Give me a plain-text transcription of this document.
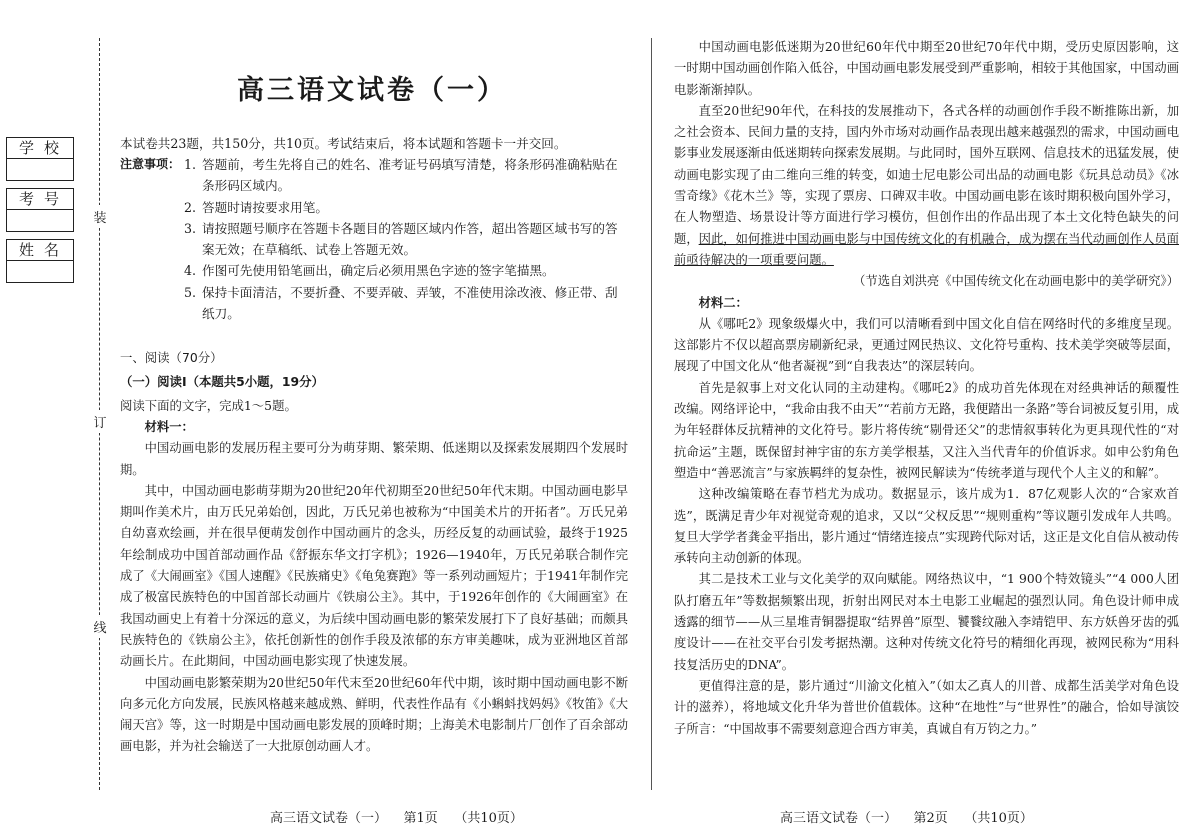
学校
考号
姓名
装
订
线
高三语文试卷（一）
本试卷共23题，共150分，共10页。考试结束后，将本试题和答题卡一并交回。
注意事项： 1. 答题前，考生先将自己的姓名、准考证号码填写清楚，将条形码准确粘贴在条形码区域内。
2. 答题时请按要求用笔。
3. 请按照题号顺序在答题卡各题目的答题区域内作答，超出答题区域书写的答案无效；在草稿纸、试卷上答题无效。
4. 作图可先使用铅笔画出，确定后必须用黑色字迹的签字笔描黑。
5. 保持卡面清洁，不要折叠、不要弄破、弄皱，不准使用涂改液、修正带、刮纸刀。
一、阅读（70分）
（一）阅读Ⅰ（本题共5小题，19分）
阅读下面的文字，完成1～5题。
材料一：

中国动画电影的发展历程主要可分为萌芽期、繁荣期、低迷期以及探索发展期四个发展时期。

其中，中国动画电影萌芽期为20世纪20年代初期至20世纪50年代末期。中国动画电影早期叫作美术片，由万氏兄弟始创，因此，万氏兄弟也被称为“中国美术片的开拓者”。万氏兄弟自幼喜欢绘画，并在很早便萌发创作中国动画片的念头，历经反复的动画试验，最终于1925年绘制成功中国首部动画作品《舒振东华文打字机》；1926—1940年，万氏兄弟联合制作完成了《大闹画室》《国人速醒》《民族痛史》《龟兔赛跑》等一系列动画短片；于1941年制作完成了极富民族特色的中国首部长动画片《铁扇公主》。其中，于1926年创作的《大闹画室》在我国动画史上有着十分深远的意义，为后续中国动画电影的繁荣发展打下了良好基础；而颇具民族特色的《铁扇公主》，依托创新性的创作手段及浓郁的东方审美趣味，成为亚洲地区首部动画长片。在此期间，中国动画电影实现了快速发展。

中国动画电影繁荣期为20世纪50年代末至20世纪60年代中期，该时期中国动画电影不断向多元化方向发展，民族风格越来越成熟、鲜明，代表性作品有《小蝌蚪找妈妈》《牧笛》《大闹天宫》等，这一时期是中国动画电影发展的顶峰时期；上海美术电影制片厂创作了百余部动画电影，并为社会输送了一大批原创动画人才。

高三语文试卷（一）    第1页    （共10页）

中国动画电影低迷期为20世纪60年代中期至20世纪70年代中期，受历史原因影响，这一时期中国动画创作陷入低谷，中国动画电影发展受到严重影响，相较于其他国家，中国动画电影渐渐掉队。

直至20世纪90年代，在科技的发展推动下，各式各样的动画创作手段不断推陈出新，加之社会资本、民间力量的支持，国内外市场对动画作品表现出越来越强烈的需求，中国动画电影事业发展逐渐由低迷期转向探索发展期。与此同时，国外互联网、信息技术的迅猛发展，使动画电影实现了由二维向三维的转变，如迪士尼电影公司出品的动画电影《玩具总动员》《冰雪奇缘》《花木兰》等，实现了票房、口碑双丰收。中国动画电影在该时期积极向国外学习，在人物塑造、场景设计等方面进行学习模仿，但创作出的作品出现了本土文化特色缺失的问题，因此，如何推进中国动画电影与中国传统文化的有机融合，成为摆在当代动画创作人员面前亟待解决的一项重要问题。

（节选自刘洪亮《中国传统文化在动画电影中的美学研究》）
材料二：

从《哪吒2》现象级爆火中，我们可以清晰看到中国文化自信在网络时代的多维度呈现。这部影片不仅以超高票房刷新纪录，更通过网民热议、文化符号重构、技术美学突破等层面，展现了中国文化从“他者凝视”到“自我表达”的深层转向。

首先是叙事上对文化认同的主动建构。《哪吒2》的成功首先体现在对经典神话的颠覆性改编。网络评论中，“我命由我不由天”“若前方无路，我便踏出一条路”等台词被反复引用，成为年轻群体反抗精神的文化符号。影片将传统“剔骨还父”的悲情叙事转化为更具现代性的“对抗命运”主题，既保留封神宇宙的东方美学根基，又注入当代青年的价值诉求。如申公豹角色塑造中“善恶流言”与家族羁绊的复杂性，被网民解读为“传统孝道与现代个人主义的和解”。

这种改编策略在春节档尤为成功。数据显示，该片成为1．87亿观影人次的“合家欢首选”，既满足青少年对视觉奇观的追求，又以“父权反思”“规则重构”等议题引发成年人共鸣。复旦大学学者龚金平指出，影片通过“情绪连接点”实现跨代际对话，这正是文化自信从被动传承转向主动创新的体现。

其二是技术工业与文化美学的双向赋能。网络热议中，“1 900个特效镜头”“4 000人团队打磨五年”等数据频繁出现，折射出网民对本土电影工业崛起的强烈认同。角色设计师申成透露的细节——从三星堆青铜器提取“结界兽”原型、饕餮纹融入李靖铠甲、东方妖兽牙齿的弧度设计——在社交平台引发考据热潮。这种对传统文化符号的精细化再现，被网民称为“用科技复活历史的DNA”。

更值得注意的是，影片通过“川渝文化植入”（如太乙真人的川普、成都生活美学对角色设计的滋养），将地域文化升华为普世价值载体。这种“在地性”与“世界性”的融合，恰如导演饺子所言：“中国故事不需要刻意迎合西方审美，真诚自有万钧之力。”

高三语文试卷（一）    第2页    （共10页）
